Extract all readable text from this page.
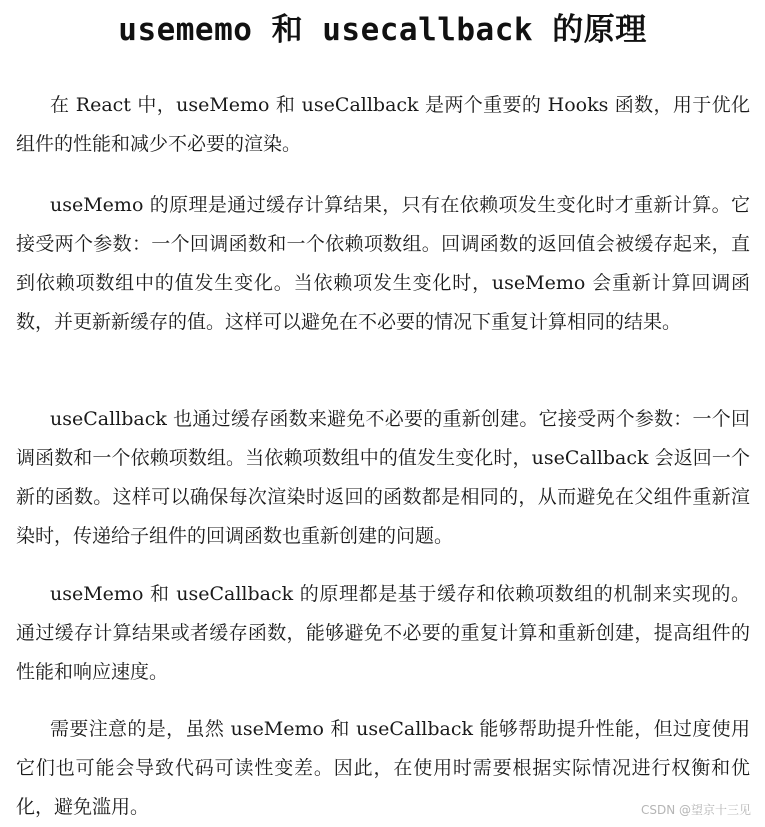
usememo 和 usecallback 的原理

在 React 中，useMemo 和 useCallback 是两个重要的 Hooks 函数，用于优化组件的性能和减少不必要的渲染。

useMemo 的原理是通过缓存计算结果，只有在依赖项发生变化时才重新计算。它接受两个参数：一个回调函数和一个依赖项数组。回调函数的返回值会被缓存起来，直到依赖项数组中的值发生变化。当依赖项发生变化时，useMemo 会重新计算回调函数，并更新新缓存的值。这样可以避免在不必要的情况下重复计算相同的结果。

useCallback 也通过缓存函数来避免不必要的重新创建。它接受两个参数：一个回调函数和一个依赖项数组。当依赖项数组中的值发生变化时，useCallback 会返回一个新的函数。这样可以确保每次渲染时返回的函数都是相同的，从而避免在父组件重新渲染时，传递给子组件的回调函数也重新创建的问题。

useMemo 和 useCallback 的原理都是基于缓存和依赖项数组的机制来实现的。通过缓存计算结果或者缓存函数，能够避免不必要的重复计算和重新创建，提高组件的性能和响应速度。

需要注意的是，虽然 useMemo 和 useCallback 能够帮助提升性能，但过度使用它们也可能会导致代码可读性变差。因此，在使用时需要根据实际情况进行权衡和优化，避免滥用。	CSDN @望京十三见
